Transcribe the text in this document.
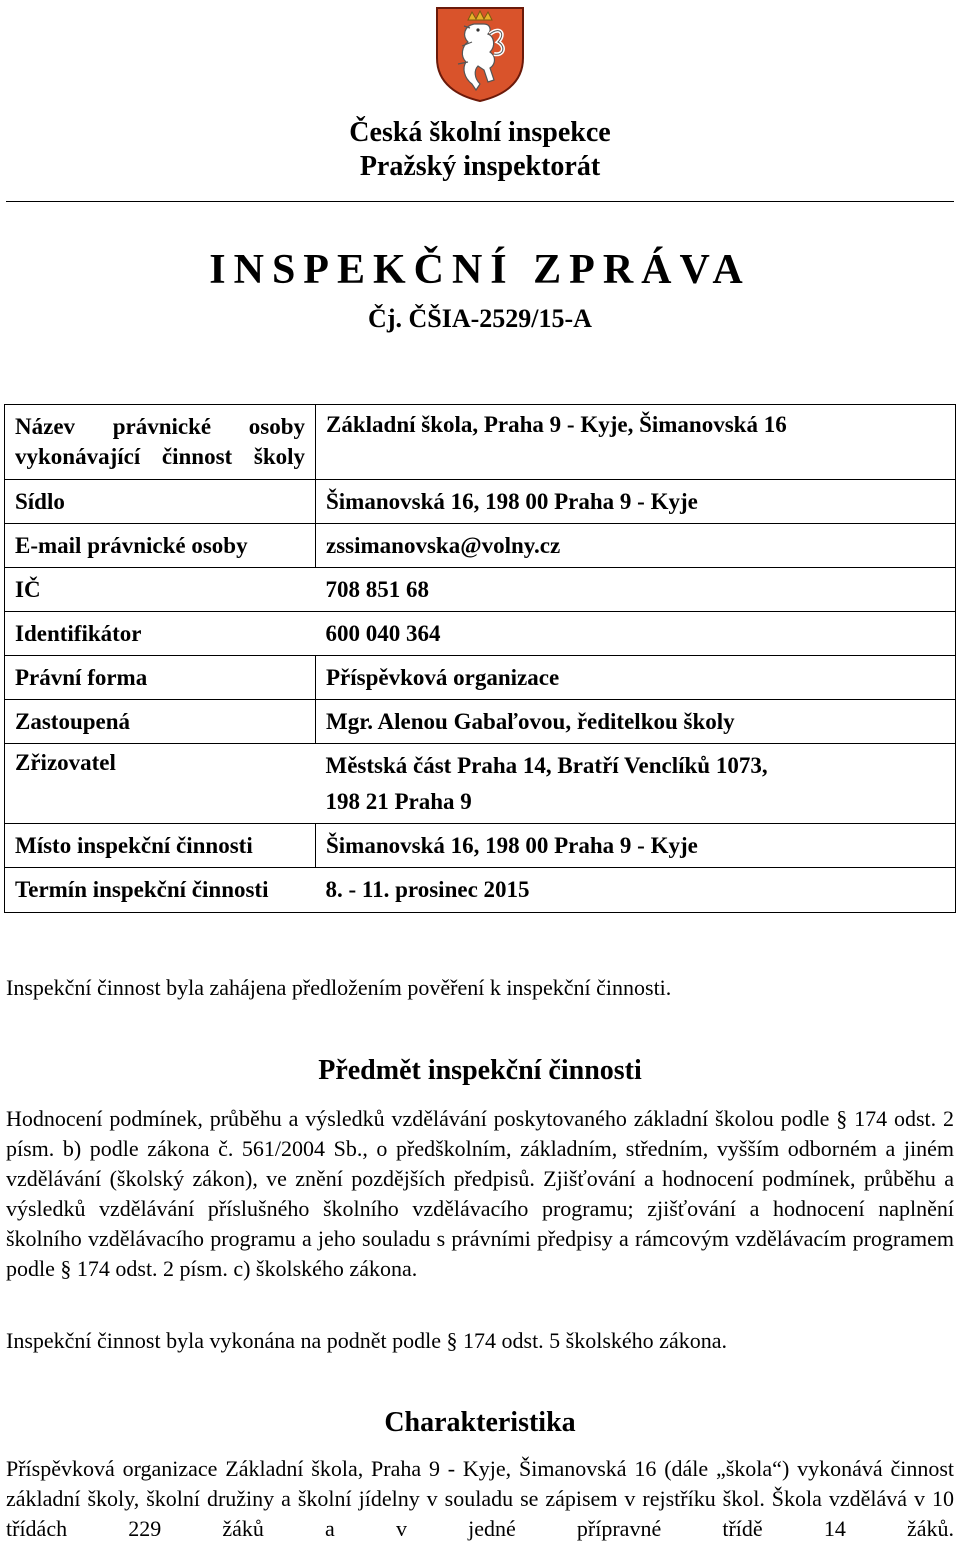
Česká školní inspekce
Pražský inspektorát
INSPEKČNÍ ZPRÁVA
Čj. ČŠIA-2529/15-A
Název právnické osoby vykonávající činnost školy	Základní škola, Praha 9 - Kyje, Šimanovská 16
Sídlo	Šimanovská 16, 198 00 Praha 9 - Kyje
E-mail právnické osoby	zssimanovska@volny.cz
IČ	708 851 68
Identifikátor	600 040 364
Právní forma	Příspěvková organizace
Zastoupená	Mgr. Alenou Gabaľovou, ředitelkou školy
Zřizovatel	Městská část Praha 14, Bratří Venclíků 1073,
198 21 Praha 9

Místo inspekční činnosti	Šimanovská 16, 198 00 Praha 9 - Kyje
Termín inspekční činnosti	8. - 11. prosinec 2015
Inspekční činnost byla zahájena předložením pověření k inspekční činnosti.
Předmět inspekční činnosti
Hodnocení podmínek, průběhu a výsledků vzdělávání poskytovaného základní školou podle § 174 odst. 2 písm. b) podle zákona č. 561/2004 Sb., o předškolním, základním, středním, vyšším odborném a jiném vzdělávání (školský zákon), ve znění pozdějších předpisů. Zjišťování a hodnocení podmínek, průběhu a výsledků vzdělávání příslušného školního vzdělávacího programu; zjišťování a hodnocení naplnění školního vzdělávacího programu a jeho souladu s právními předpisy a rámcovým vzdělávacím programem podle § 174 odst. 2 písm. c) školského zákona.
Inspekční činnost byla vykonána na podnět podle § 174 odst. 5 školského zákona.
Charakteristika
Příspěvková organizace Základní škola, Praha 9 - Kyje, Šimanovská 16 (dále „škola“) vykonává činnost základní školy, školní družiny a školní jídelny v souladu se zápisem v rejstříku škol. Škola vzdělává v 10 třídách 229 žáků a v jedné přípravné třídě 14 žáků.
